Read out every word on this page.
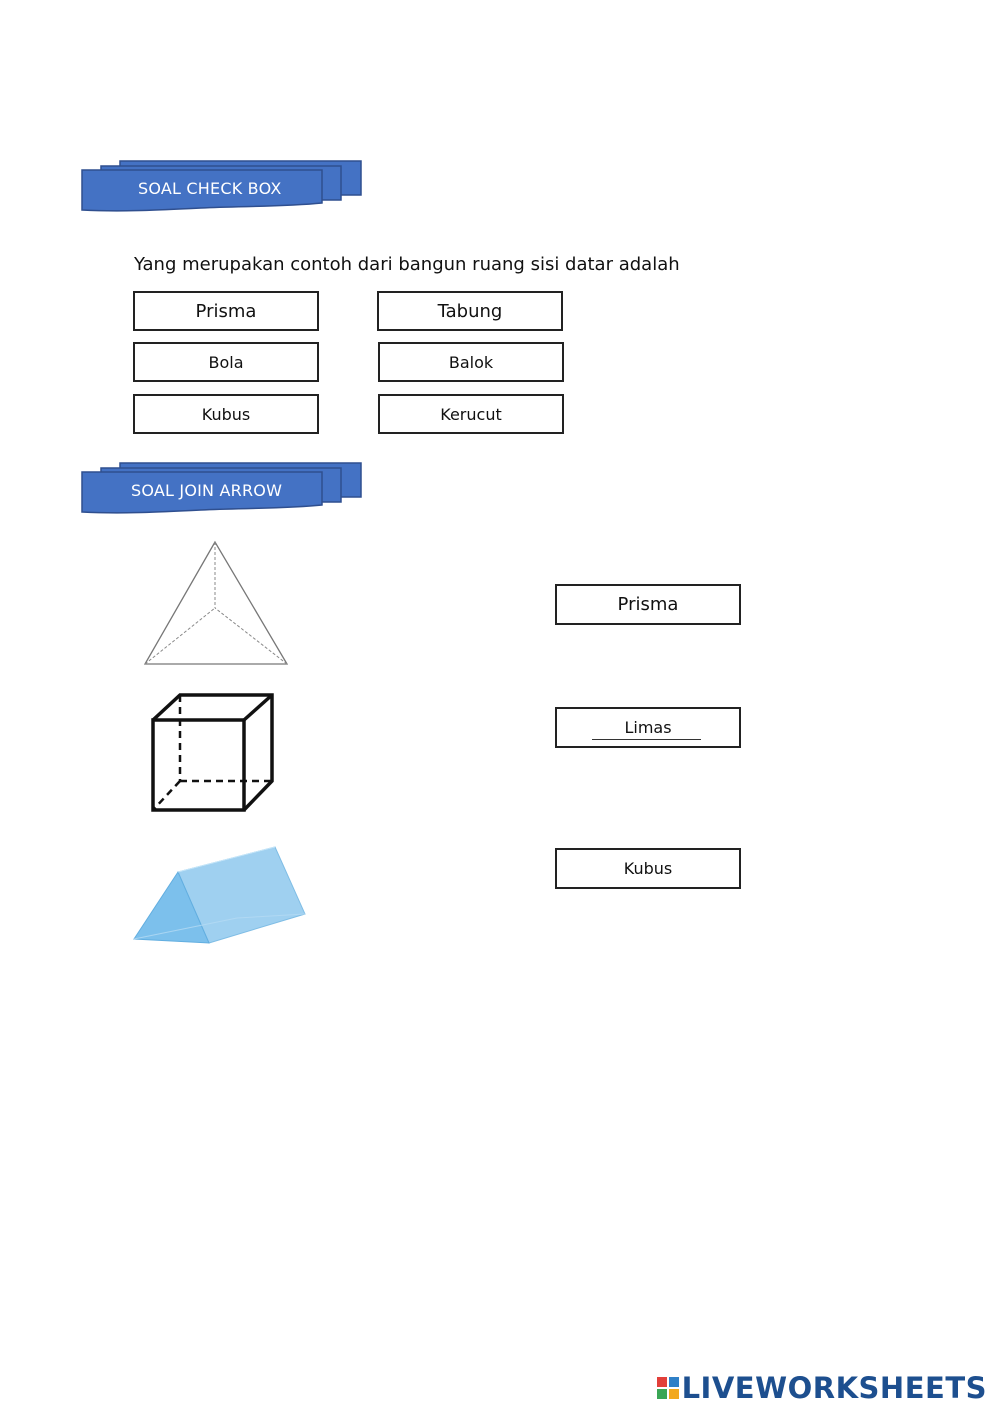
SOAL CHECK BOX
Yang merupakan contoh dari bangun ruang sisi datar adalah
Prisma	Tabung
Bola	Balok
Kubus	Kerucut
SOAL JOIN ARROW
Prisma
Limas
Kubus
LIVEWORKSHEETS
